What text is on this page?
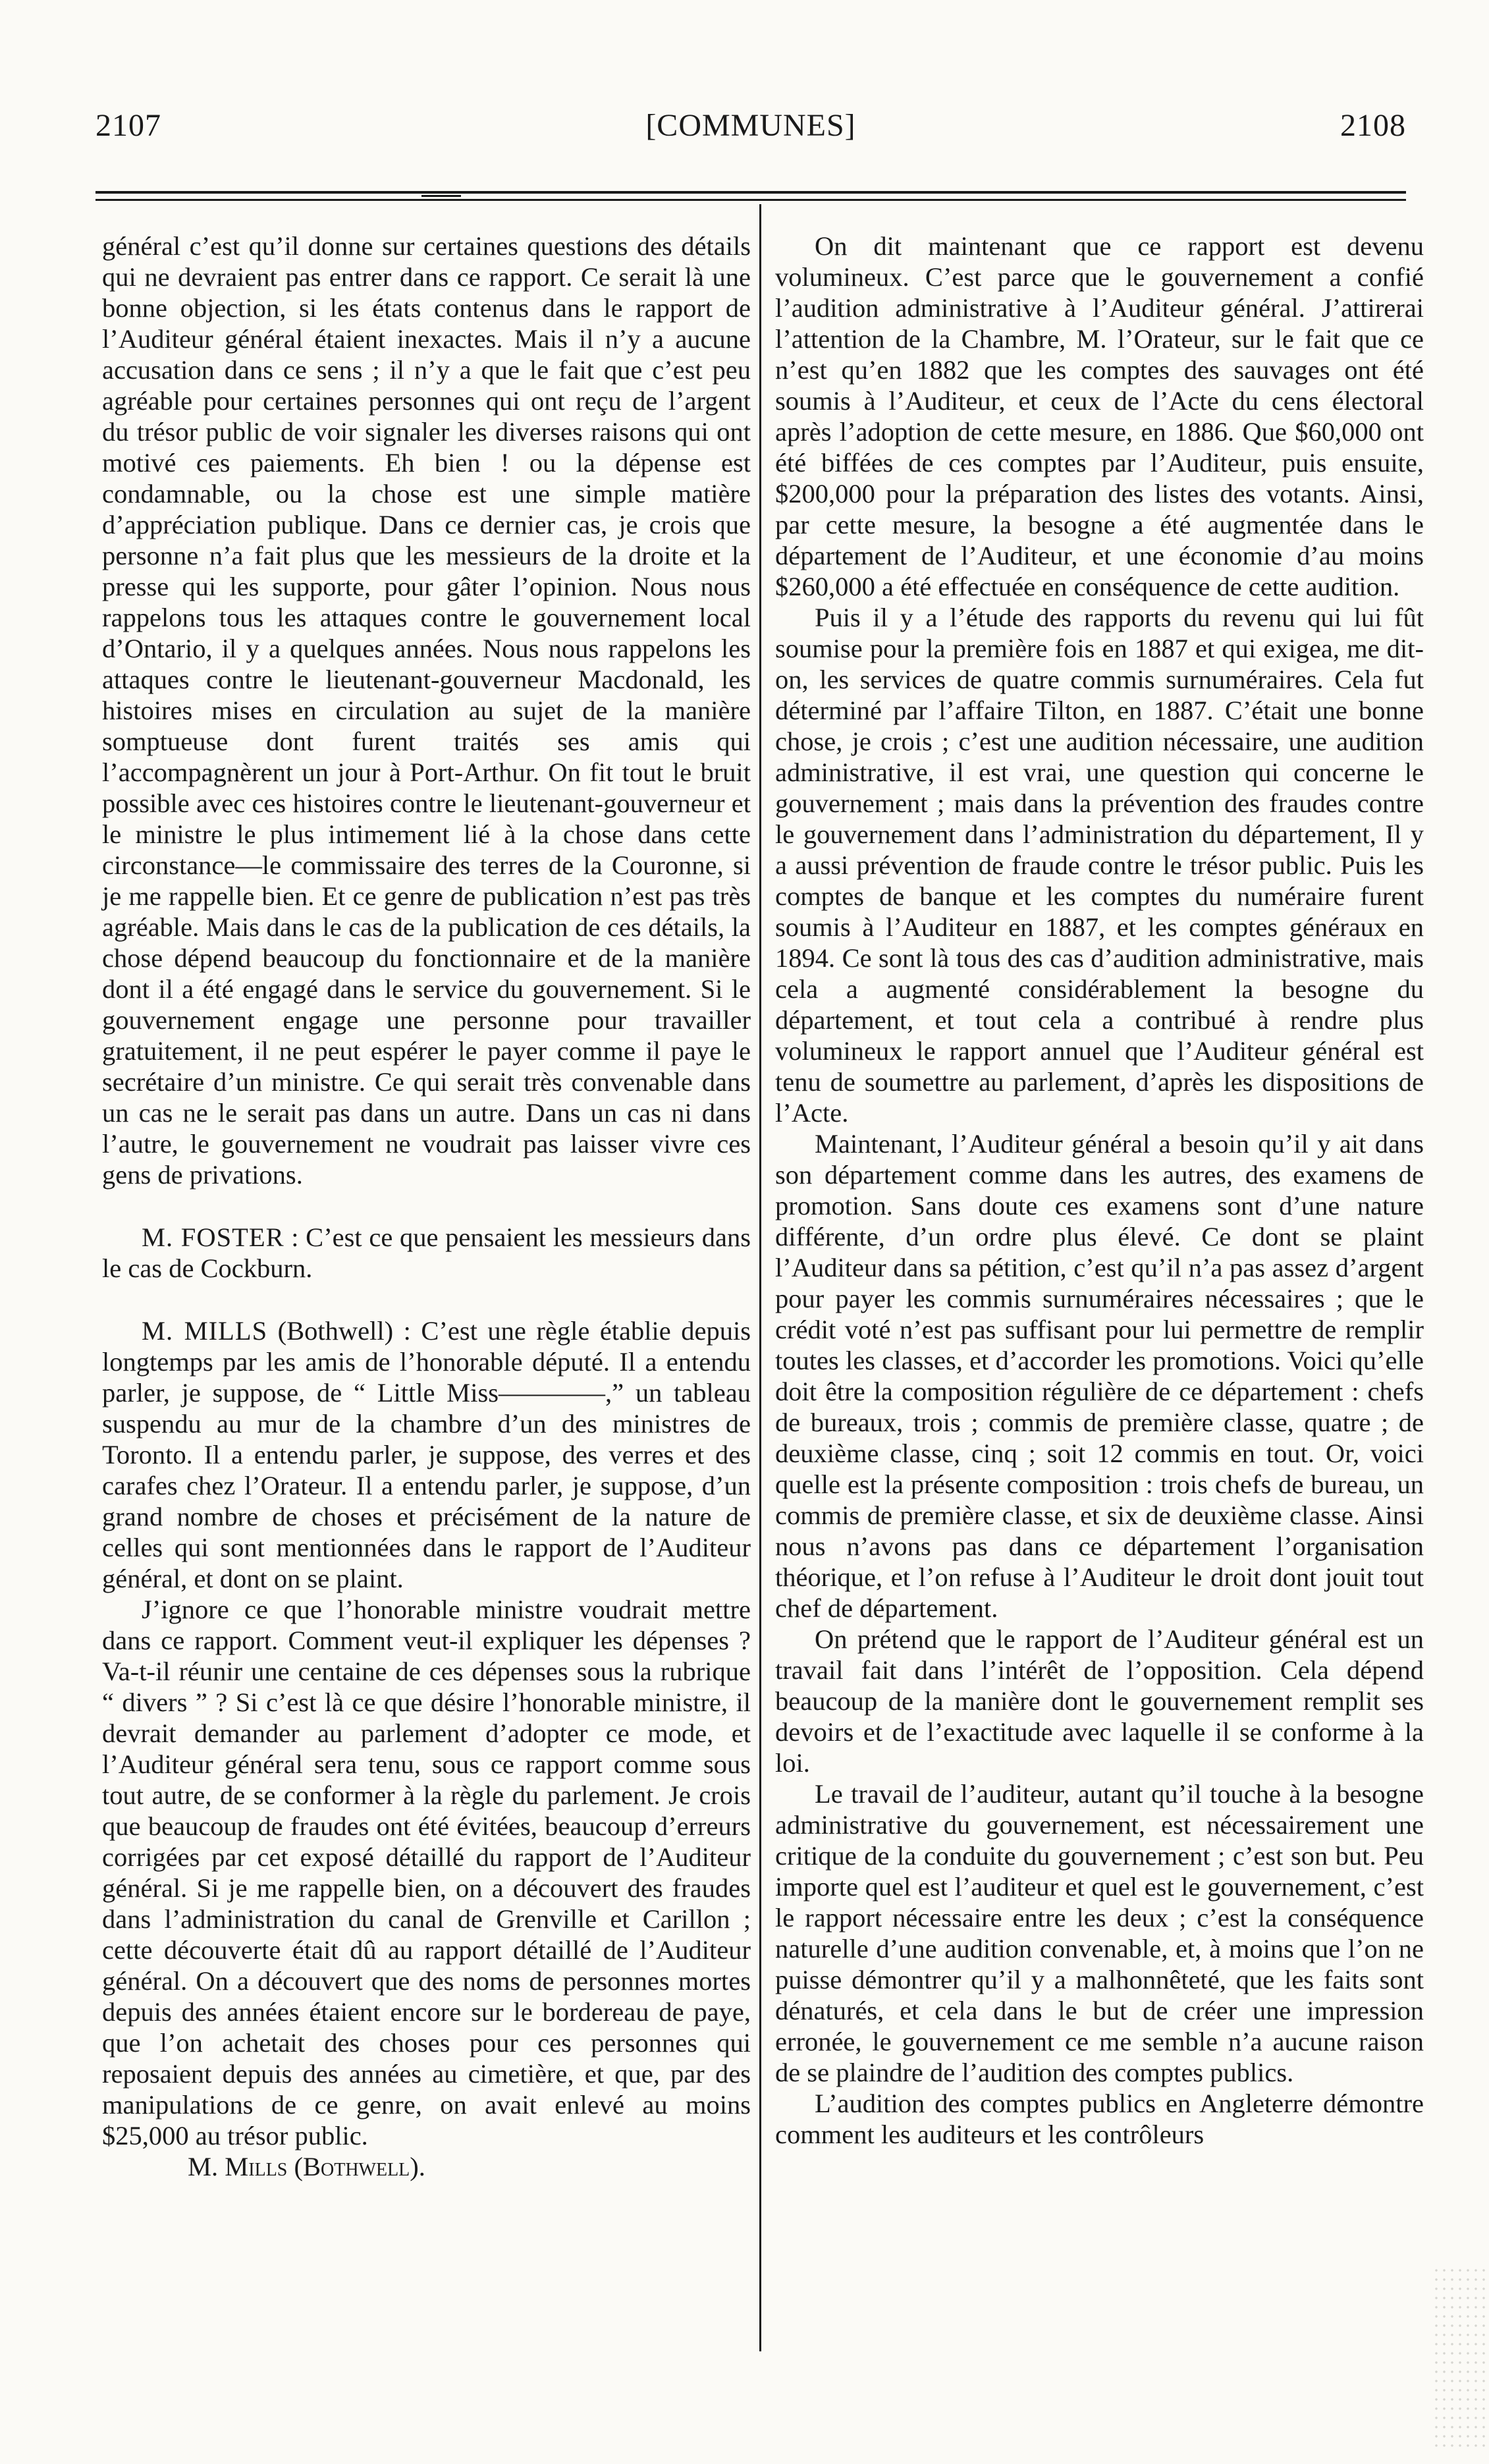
2107	[COMMUNES]	2108

général c’est qu’il donne sur certaines questions des détails qui ne devraient pas entrer dans ce rapport. Ce serait là une bonne objection, si les états contenus dans le rapport de l’Auditeur général étaient inexactes. Mais il n’y a aucune accusation dans ce sens ; il n’y a que le fait que c’est peu agréable pour certaines personnes qui ont reçu de l’argent du trésor public de voir signaler les diverses raisons qui ont motivé ces paiements. Eh bien ! ou la dépense est condamnable, ou la chose est une simple matière d’appréciation publique. Dans ce dernier cas, je crois que personne n’a fait plus que les messieurs de la droite et la presse qui les supporte, pour gâter l’opinion. Nous nous rappelons tous les attaques contre le gouvernement local d’Ontario, il y a quelques années. Nous nous rappelons les attaques contre le lieutenant-gouverneur Macdonald, les histoires mises en circulation au sujet de la manière somptueuse dont furent traités ses amis qui l’accompagnèrent un jour à Port-Arthur. On fit tout le bruit possible avec ces histoires contre le lieutenant-gouverneur et le ministre le plus intimement lié à la chose dans cette circonstance—le commissaire des terres de la Couronne, si je me rappelle bien. Et ce genre de publication n’est pas très agréable. Mais dans le cas de la publication de ces détails, la chose dépend beaucoup du fonctionnaire et de la manière dont il a été engagé dans le service du gouvernement. Si le gouvernement engage une personne pour travailler gratuitement, il ne peut espérer le payer comme il paye le secrétaire d’un ministre. Ce qui serait très convenable dans un cas ne le serait pas dans un autre. Dans un cas ni dans l’autre, le gouvernement ne voudrait pas laisser vivre ces gens de privations.

M. FOSTER : C’est ce que pensaient les messieurs dans le cas de Cockburn.

M. MILLS (Bothwell) : C’est une règle établie depuis longtemps par les amis de l’honorable député. Il a entendu parler, je suppose, de “ Little Miss————,” un tableau suspendu au mur de la chambre d’un des ministres de Toronto. Il a entendu parler, je suppose, des verres et des carafes chez l’Orateur. Il a entendu parler, je suppose, d’un grand nombre de choses et précisément de la nature de celles qui sont mentionnées dans le rapport de l’Auditeur général, et dont on se plaint.

J’ignore ce que l’honorable ministre voudrait mettre dans ce rapport. Comment veut-il expliquer les dépenses ? Va-t-il réunir une centaine de ces dépenses sous la rubrique “ divers ” ? Si c’est là ce que désire l’honorable ministre, il devrait demander au parlement d’adopter ce mode, et l’Auditeur général sera tenu, sous ce rapport comme sous tout autre, de se conformer à la règle du parlement. Je crois que beaucoup de fraudes ont été évitées, beaucoup d’erreurs corrigées par cet exposé détaillé du rapport de l’Auditeur général. Si je me rappelle bien, on a découvert des fraudes dans l’administration du canal de Grenville et Carillon ; cette découverte était dû au rapport détaillé de l’Auditeur général. On a découvert que des noms de personnes mortes depuis des années étaient encore sur le bordereau de paye, que l’on achetait des choses pour ces personnes qui reposaient depuis des années au cimetière, et que, par des manipulations de ce genre, on avait enlevé au moins $25,000 au trésor public.

M. Mills (Bothwell).

On dit maintenant que ce rapport est devenu volumineux. C’est parce que le gouvernement a confié l’audition administrative à l’Auditeur général. J’attirerai l’attention de la Chambre, M. l’Orateur, sur le fait que ce n’est qu’en 1882 que les comptes des sauvages ont été soumis à l’Auditeur, et ceux de l’Acte du cens électoral après l’adoption de cette mesure, en 1886. Que $60,000 ont été biffées de ces comptes par l’Auditeur, puis ensuite, $200,000 pour la préparation des listes des votants. Ainsi, par cette mesure, la besogne a été augmentée dans le département de l’Auditeur, et une économie d’au moins $260,000 a été effectuée en conséquence de cette audition.

Puis il y a l’étude des rapports du revenu qui lui fût soumise pour la première fois en 1887 et qui exigea, me dit-on, les services de quatre commis surnuméraires. Cela fut déterminé par l’affaire Tilton, en 1887. C’était une bonne chose, je crois ; c’est une audition nécessaire, une audition administrative, il est vrai, une question qui concerne le gouvernement ; mais dans la prévention des fraudes contre le gouvernement dans l’administration du département, Il y a aussi prévention de fraude contre le trésor public. Puis les comptes de banque et les comptes du numéraire furent soumis à l’Auditeur en 1887, et les comptes généraux en 1894. Ce sont là tous des cas d’audition administrative, mais cela a augmenté considérablement la besogne du département, et tout cela a contribué à rendre plus volumineux le rapport annuel que l’Auditeur général est tenu de soumettre au parlement, d’après les dispositions de l’Acte.

Maintenant, l’Auditeur général a besoin qu’il y ait dans son département comme dans les autres, des examens de promotion. Sans doute ces examens sont d’une nature différente, d’un ordre plus élevé. Ce dont se plaint l’Auditeur dans sa pétition, c’est qu’il n’a pas assez d’argent pour payer les commis surnuméraires nécessaires ; que le crédit voté n’est pas suffisant pour lui permettre de remplir toutes les classes, et d’accorder les promotions. Voici qu’elle doit être la composition régulière de ce département : chefs de bureaux, trois ; commis de première classe, quatre ; de deuxième classe, cinq ; soit 12 commis en tout. Or, voici quelle est la présente composition : trois chefs de bureau, un commis de première classe, et six de deuxième classe. Ainsi nous n’avons pas dans ce département l’organisation théorique, et l’on refuse à l’Auditeur le droit dont jouit tout chef de département.

On prétend que le rapport de l’Auditeur général est un travail fait dans l’intérêt de l’opposition. Cela dépend beaucoup de la manière dont le gouvernement remplit ses devoirs et de l’exactitude avec laquelle il se conforme à la loi.

Le travail de l’auditeur, autant qu’il touche à la besogne administrative du gouvernement, est nécessairement une critique de la conduite du gouvernement ; c’est son but. Peu importe quel est l’auditeur et quel est le gouvernement, c’est le rapport nécessaire entre les deux ; c’est la conséquence naturelle d’une audition convenable, et, à moins que l’on ne puisse démontrer qu’il y a malhonnêteté, que les faits sont dénaturés, et cela dans le but de créer une impression erronée, le gouvernement ce me semble n’a aucune raison de se plaindre de l’audition des comptes publics.

L’audition des comptes publics en Angleterre démontre comment les auditeurs et les contrôleurs
